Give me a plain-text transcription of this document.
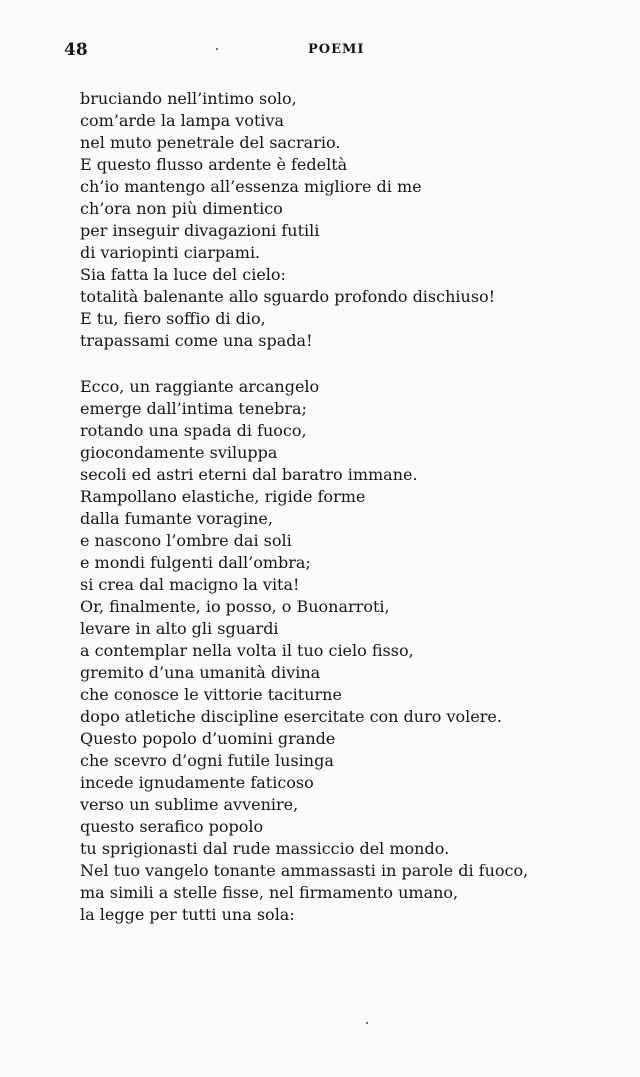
48	POEMI
bruciando nell’intimo solo,
com’arde la lampa votiva
nel muto penetrale del sacrario.
E questo flusso ardente è fedeltà
ch’io mantengo all’essenza migliore di me
ch’ora non più dimentico
per inseguir divagazioni futili
di variopinti ciarpami.
Sia fatta la luce del cielo:
totalità balenante allo sguardo profondo dischiuso!
E tu, fiero soffio di dio,
trapassami come una spada!
Ecco, un raggiante arcangelo
emerge dall’intima tenebra;
rotando una spada di fuoco,
giocondamente sviluppa
secoli ed astri eterni dal baratro immane.
Rampollano elastiche, rigide forme
dalla fumante voragine,
e nascono l’ombre dai soli
e mondi fulgenti dall’ombra;
si crea dal macigno la vita!
Or, finalmente, io posso, o Buonarroti,
levare in alto gli sguardi
a contemplar nella volta il tuo cielo fisso,
gremito d’una umanità divina
che conosce le vittorie taciturne
dopo atletiche discipline esercitate con duro volere.
Questo popolo d’uomini grande
che scevro d’ogni futile lusinga
incede ignudamente faticoso
verso un sublime avvenire,
questo serafico popolo
tu sprigionasti dal rude massiccio del mondo.
Nel tuo vangelo tonante ammassasti in parole di fuoco,
ma simili a stelle fisse, nel firmamento umano,
la legge per tutti una sola:
